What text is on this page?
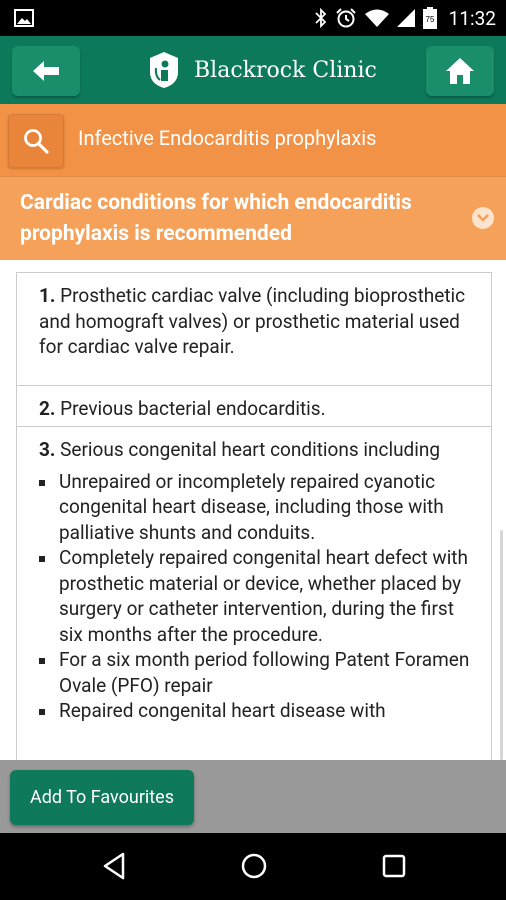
75 11:32
Blackrock Clinic
Infective Endocarditis prophylaxis
Cardiac conditions for which endocarditis prophylaxis is recommended
1. Prosthetic cardiac valve (including bioprosthetic and homograft valves) or prosthetic material used for cardiac valve repair.
2. Previous bacterial endocarditis.
3. Serious congenital heart conditions including
Unrepaired or incompletely repaired cyanotic congenital heart disease, including those with palliative shunts and conduits.
Completely repaired congenital heart defect with prosthetic material or device, whether placed by surgery or catheter intervention, during the first six months after the procedure.
For a six month period following Patent Foramen Ovale (PFO) repair
Repaired congenital heart disease with
Add To Favourites
